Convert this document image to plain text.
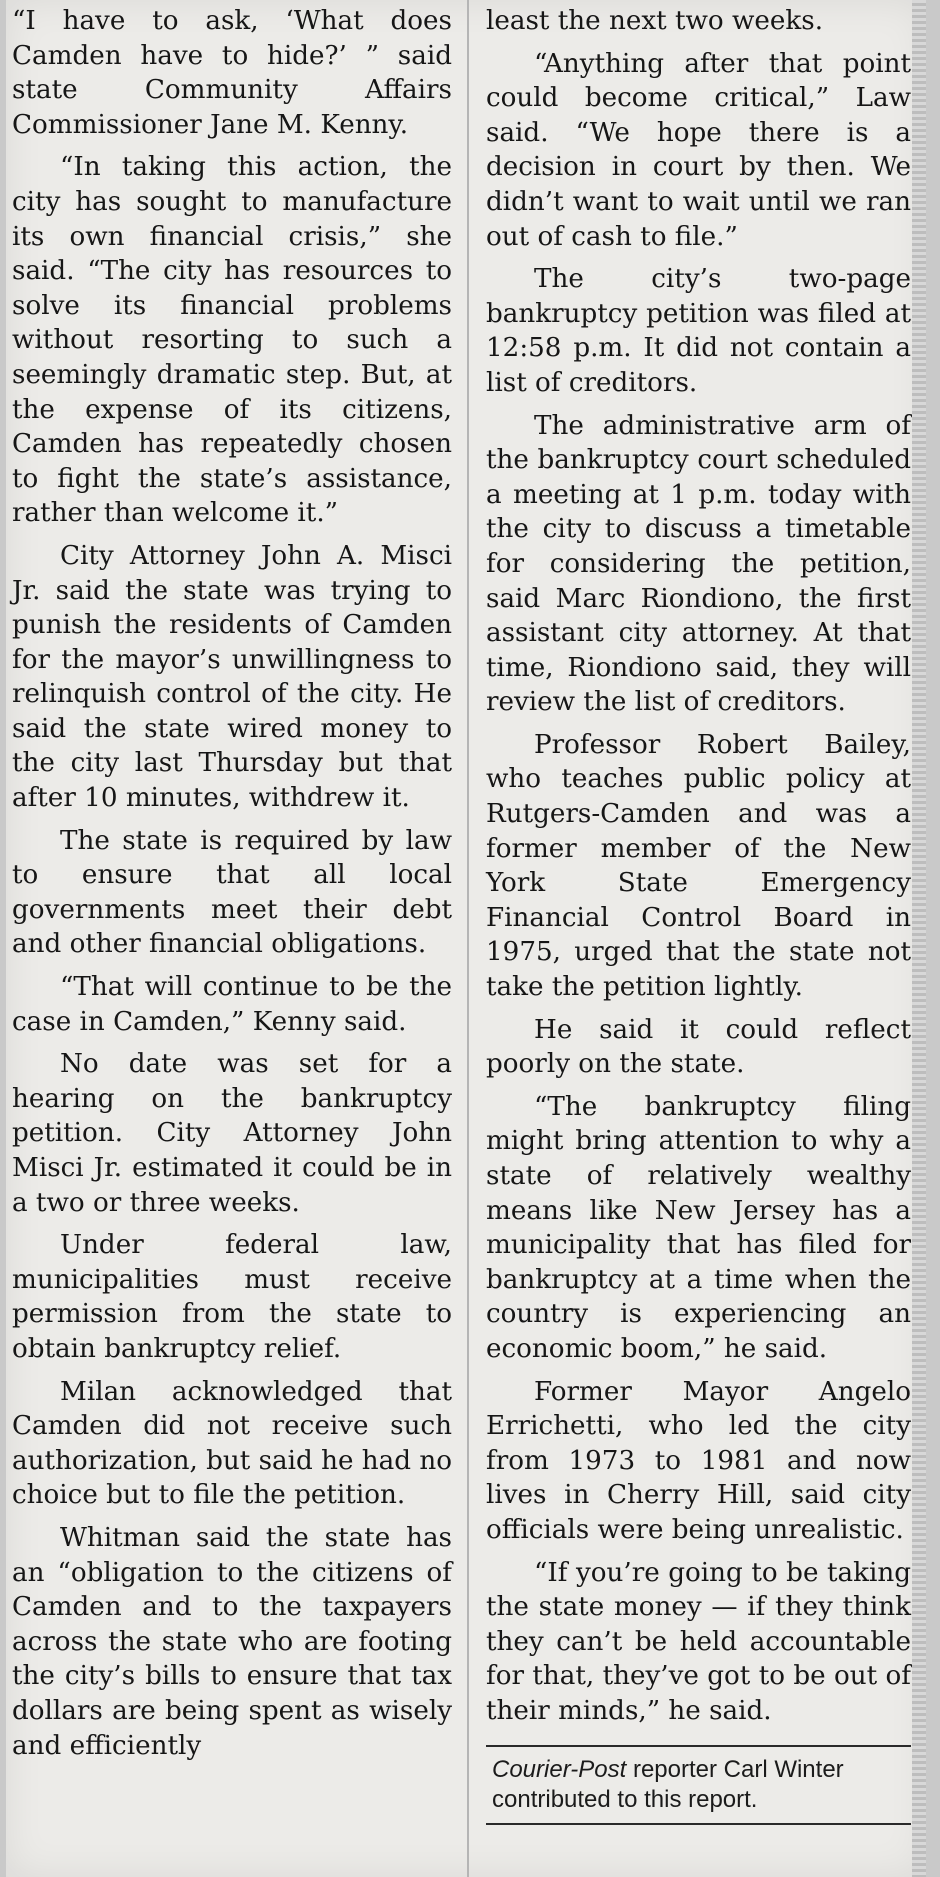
“I have to ask, ‘What does Camden have to hide?’ ” said state Community Affairs Commissioner Jane M. Kenny.

“In taking this action, the city has sought to manufacture its own financial crisis,” she said. “The city has resources to solve its financial problems without resorting to such a seemingly dramatic step. But, at the expense of its citizens, Camden has repeatedly chosen to fight the state’s assistance, rather than welcome it.”

City Attorney John A. Misci Jr. said the state was trying to punish the residents of Camden for the mayor’s unwillingness to relinquish control of the city. He said the state wired money to the city last Thursday but that after 10 minutes, withdrew it.

The state is required by law to ensure that all local governments meet their debt and other financial obligations.

“That will continue to be the case in Camden,” Kenny said.

No date was set for a hearing on the bankruptcy petition. City Attorney John Misci Jr. estimated it could be in a two or three weeks.

Under federal law, municipalities must receive permission from the state to obtain bankruptcy relief.

Milan acknowledged that Camden did not receive such authorization, but said he had no choice but to file the petition.

Whitman said the state has an “obligation to the citizens of Camden and to the taxpayers across the state who are footing the city’s bills to ensure that tax dollars are being spent as wisely and efficiently

least the next two weeks.

“Anything after that point could become critical,” Law said. “We hope there is a decision in court by then. We didn’t want to wait until we ran out of cash to file.”

The city’s two-page bankruptcy petition was filed at 12:58 p.m. It did not contain a list of creditors.

The administrative arm of the bankruptcy court scheduled a meeting at 1 p.m. today with the city to discuss a timetable for considering the petition, said Marc Riondiono, the first assistant city attorney. At that time, Riondiono said, they will review the list of creditors.

Professor Robert Bailey, who teaches public policy at Rutgers-Camden and was a former member of the New York State Emergency Financial Control Board in 1975, urged that the state not take the petition lightly.

He said it could reflect poorly on the state.

“The bankruptcy filing might bring attention to why a state of relatively wealthy means like New Jersey has a municipality that has filed for bankruptcy at a time when the country is experiencing an economic boom,” he said.

Former Mayor Angelo Errichetti, who led the city from 1973 to 1981 and now lives in Cherry Hill, said city officials were being unrealistic.

“If you’re going to be taking the state money — if they think they can’t be held accountable for that, they’ve got to be out of their minds,” he said.

Courier-Post reporter Carl Winter contributed to this report.
